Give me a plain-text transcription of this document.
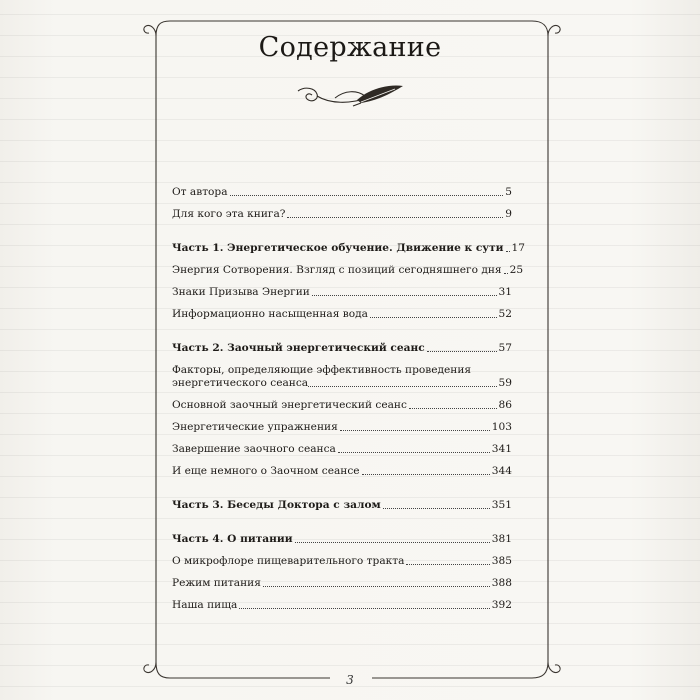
Содержание
От автора	5
Для кого эта книга?	9
Часть 1. Энергетическое обучение. Движение к сути 17
Энергия Сотворения. Взгляд с позиций сегодняшнего дня 25
Знаки Призыва Энергии	31
Информационно насыщенная вода	52
Часть 2. Заочный энергетический сеанс	57
Факторы, определяющие эффективность проведения
энергетического сеанса	59
Основной заочный энергетический сеанс	86
Энергетические упражнения	103
Завершение заочного сеанса	341
И еще немного о Заочном сеансе	344
Часть 3. Беседы Доктора с залом	351
Часть 4. О питании	381
О микрофлоре пищеварительного тракта	385
Режим питания	388
Наша пища	392
3
